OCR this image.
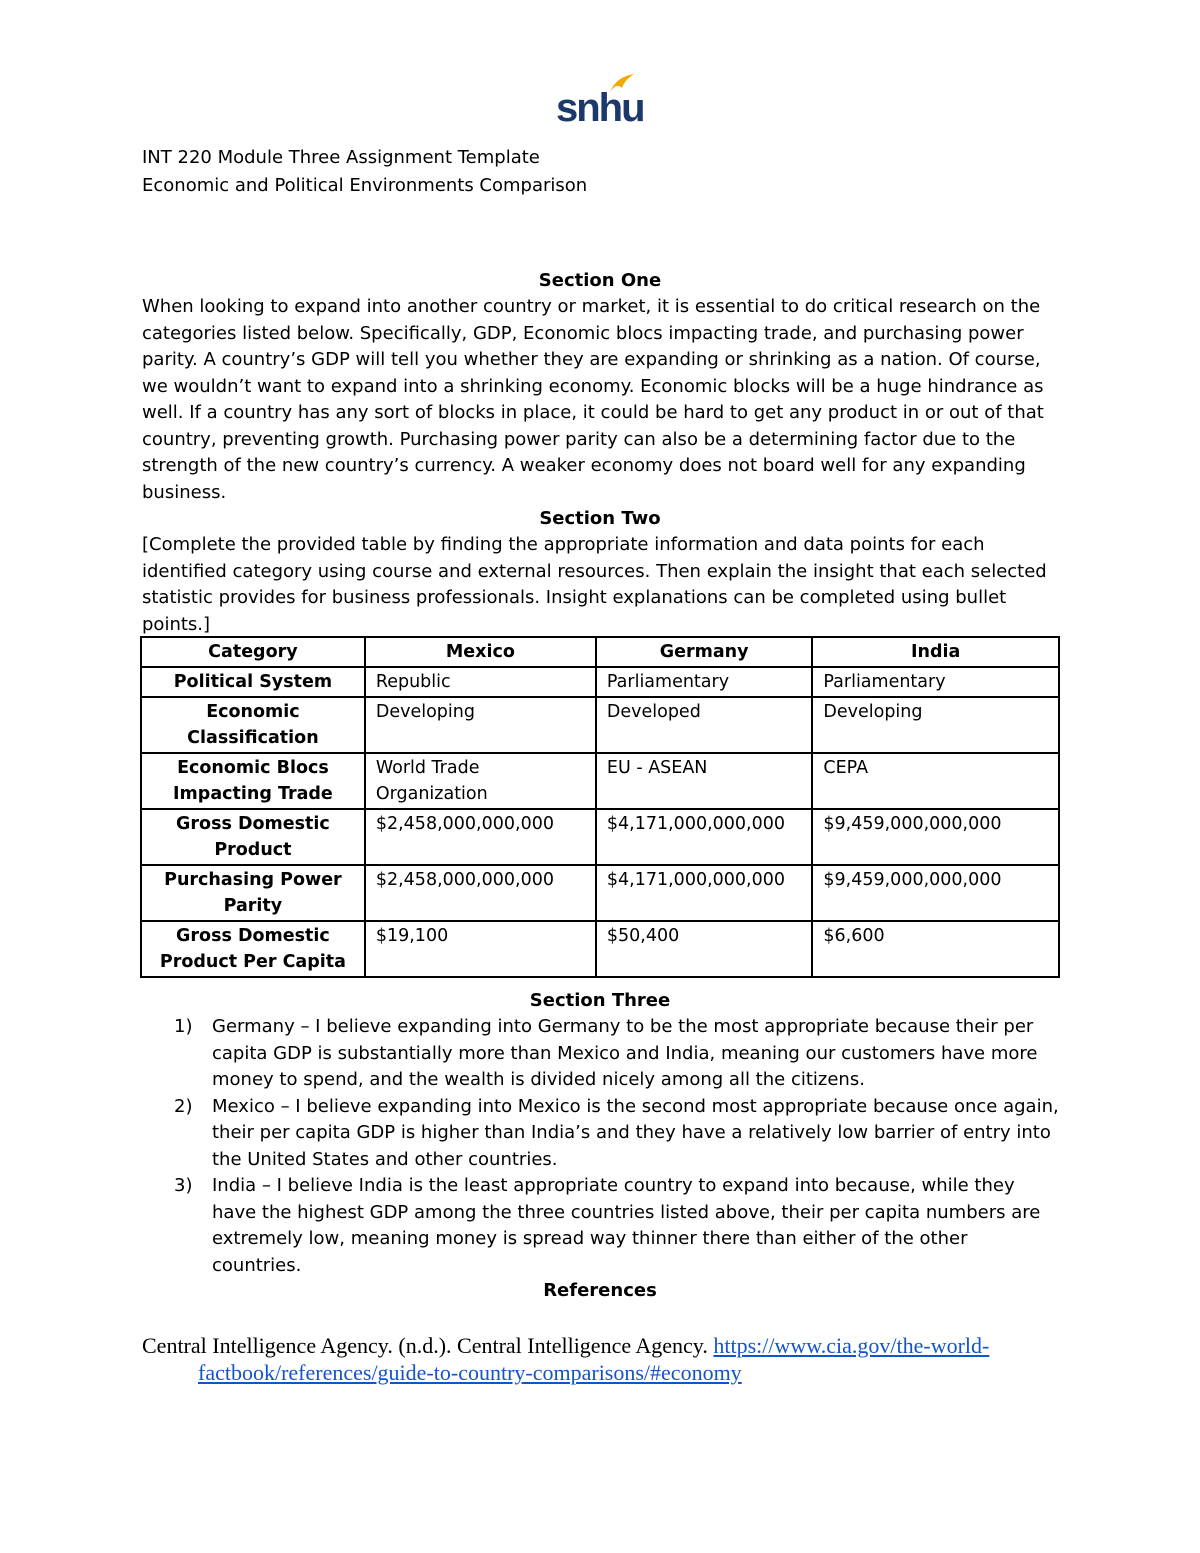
snhu
INT 220 Module Three Assignment Template
Economic and Political Environments Comparison
Section One
When looking to expand into another country or market, it is essential to do critical research on the categories listed below. Specifically, GDP, Economic blocs impacting trade, and purchasing power parity. A country’s GDP will tell you whether they are expanding or shrinking as a nation. Of course, we wouldn’t want to expand into a shrinking economy. Economic blocks will be a huge hindrance as well. If a country has any sort of blocks in place, it could be hard to get any product in or out of that country, preventing growth. Purchasing power parity can also be a determining factor due to the strength of the new country’s currency. A weaker economy does not board well for any expanding business.
Section Two
[Complete the provided table by finding the appropriate information and data points for each identified category using course and external resources. Then explain the insight that each selected statistic provides for business professionals. Insight explanations can be completed using bullet points.]
Category	Mexico	Germany	India
Political System	Republic	Parliamentary	Parliamentary
Economic Classification	Developing	Developed	Developing
Economic Blocs Impacting Trade	World Trade Organization	EU - ASEAN	CEPA
Gross Domestic Product	$2,458,000,000,000	$4,171,000,000,000	$9,459,000,000,000
Purchasing Power Parity	$2,458,000,000,000	$4,171,000,000,000	$9,459,000,000,000
Gross Domestic Product Per Capita	$19,100	$50,400	$6,600
Section Three
1) Germany – I believe expanding into Germany to be the most appropriate because their per capita GDP is substantially more than Mexico and India, meaning our customers have more money to spend, and the wealth is divided nicely among all the citizens.
2) Mexico – I believe expanding into Mexico is the second most appropriate because once again, their per capita GDP is higher than India’s and they have a relatively low barrier of entry into the United States and other countries.
3) India – I believe India is the least appropriate country to expand into because, while they have the highest GDP among the three countries listed above, their per capita numbers are extremely low, meaning money is spread way thinner there than either of the other countries.
References
Central Intelligence Agency. (n.d.). Central Intelligence Agency. https://www.cia.gov/the-world-factbook/references/guide-to-country-comparisons/#economy
